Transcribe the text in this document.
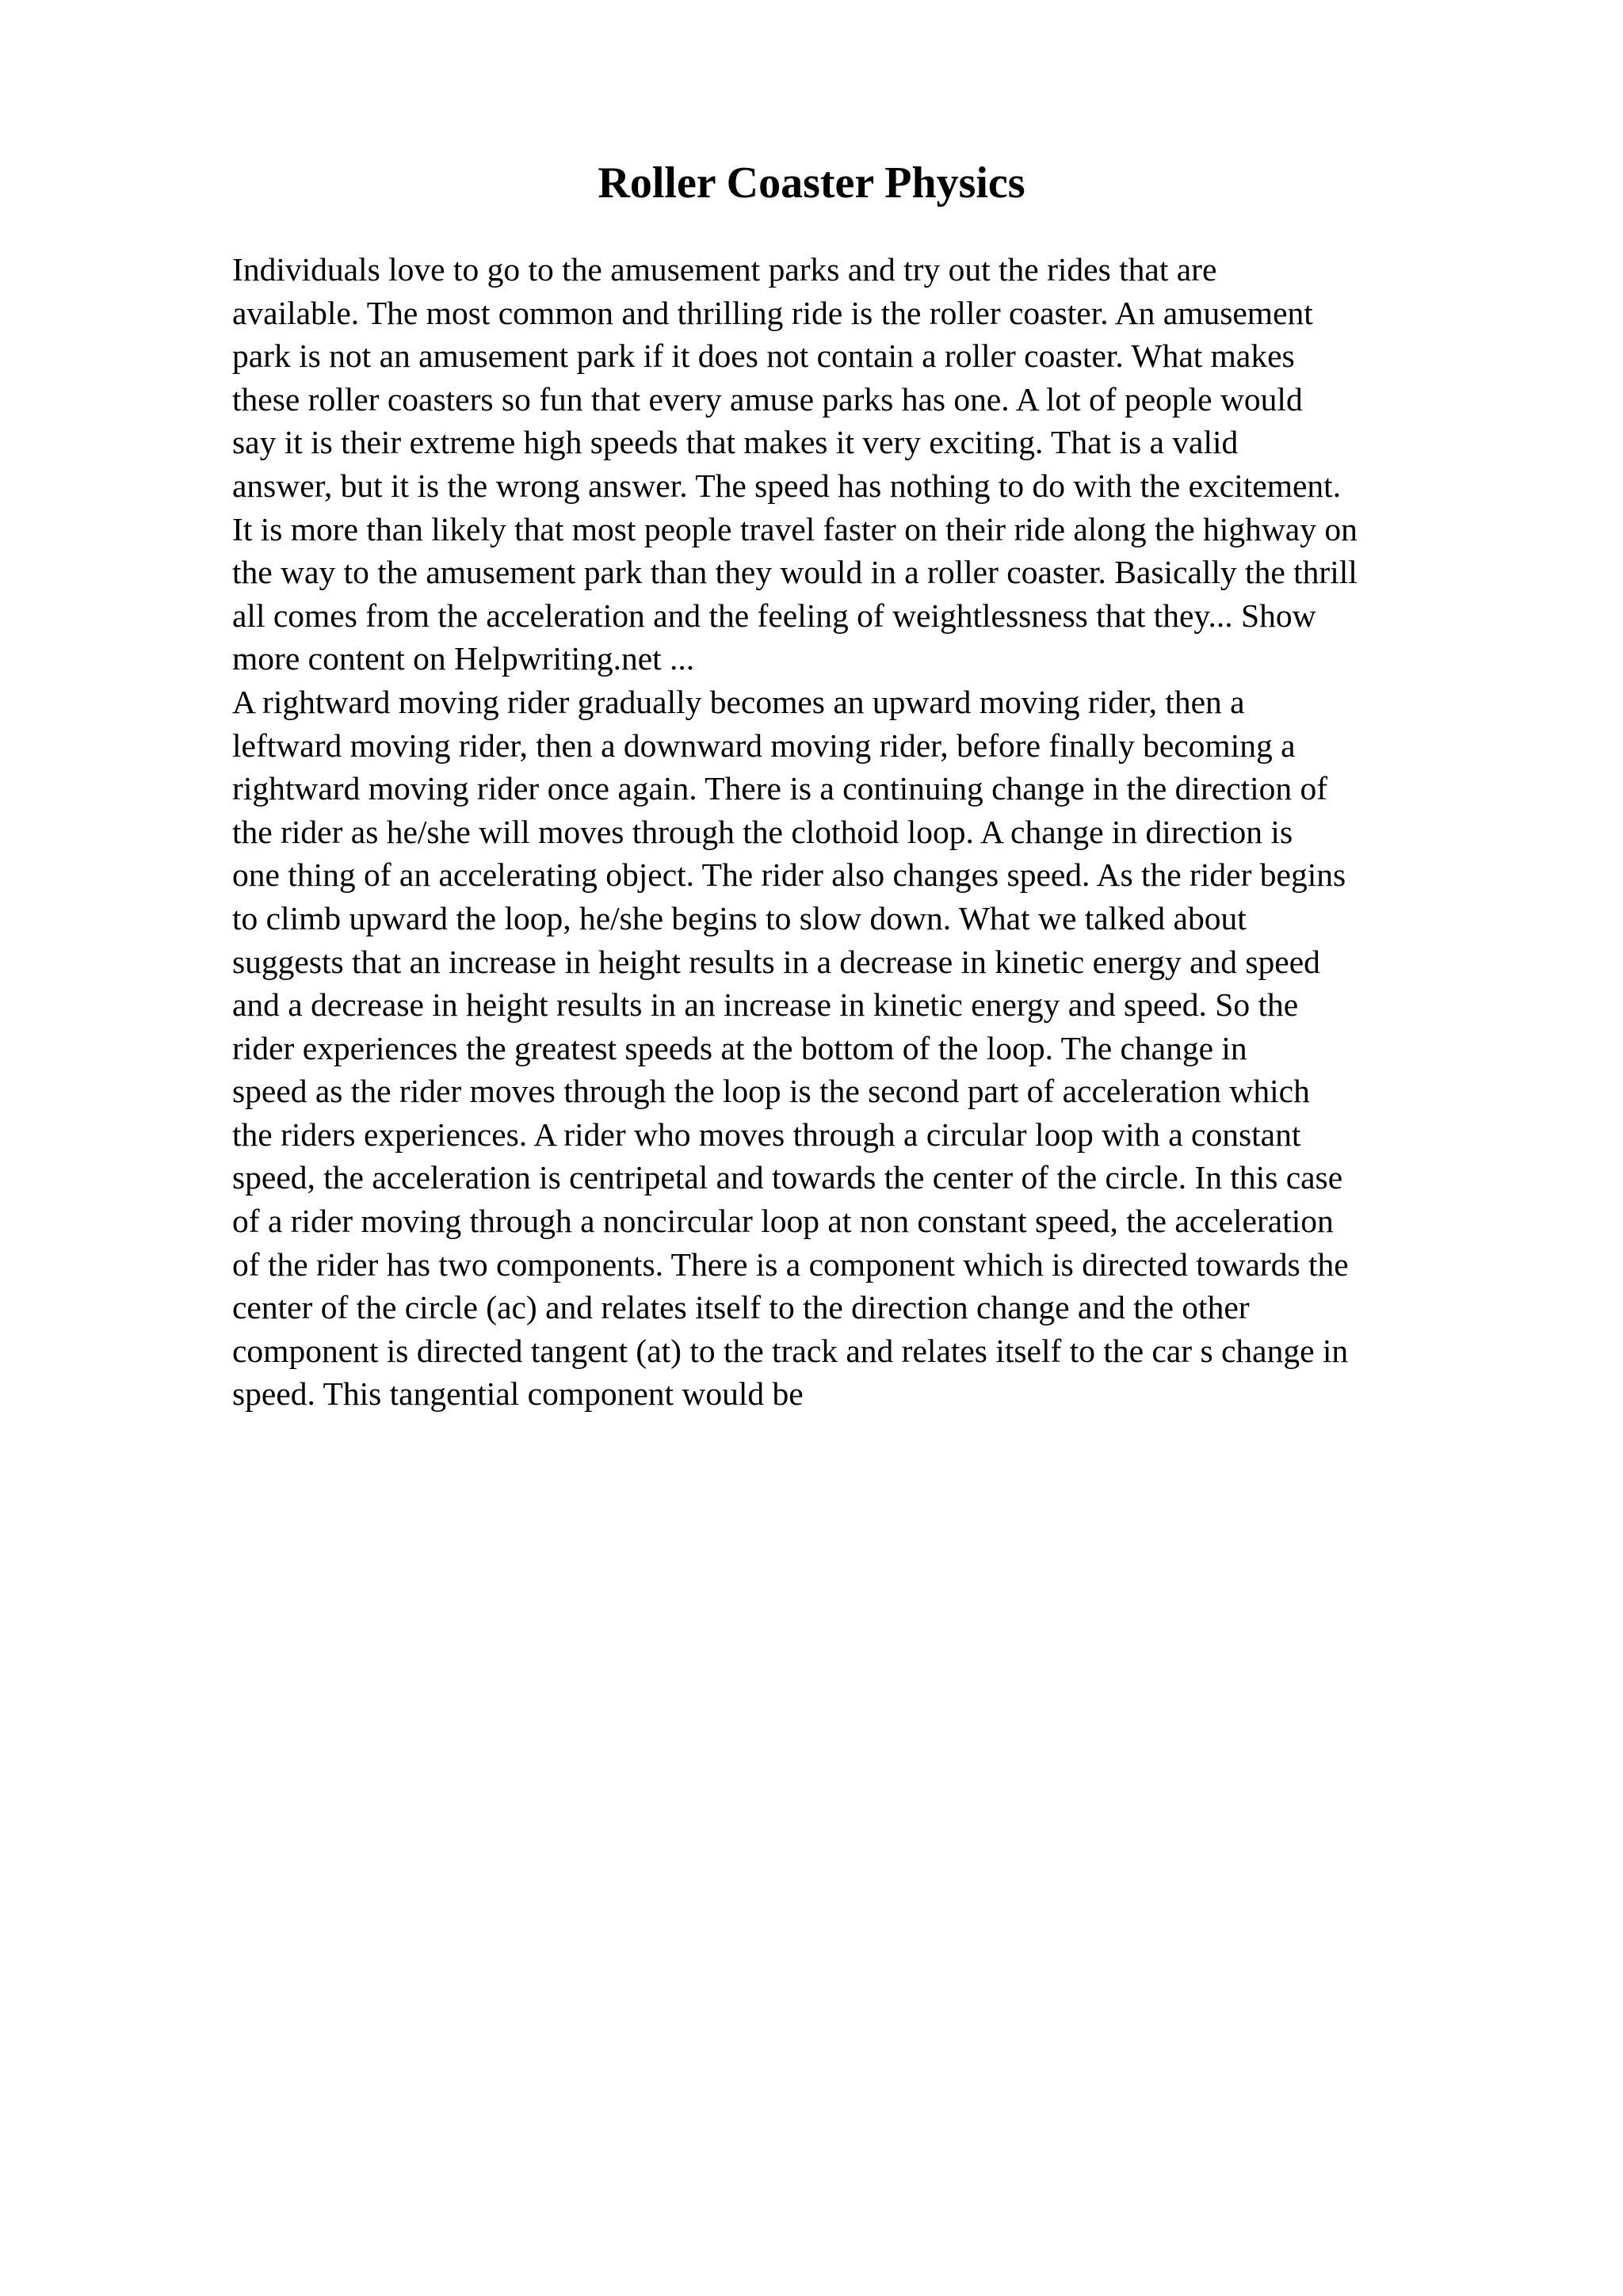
Roller Coaster Physics
Individuals love to go to the amusement parks and try out the rides that are
available. The most common and thrilling ride is the roller coaster. An amusement
park is not an amusement park if it does not contain a roller coaster. What makes
these roller coasters so fun that every amuse parks has one. A lot of people would
say it is their extreme high speeds that makes it very exciting. That is a valid
answer, but it is the wrong answer. The speed has nothing to do with the excitement.
It is more than likely that most people travel faster on their ride along the highway on
the way to the amusement park than they would in a roller coaster. Basically the thrill
all comes from the acceleration and the feeling of weightlessness that they... Show
more content on Helpwriting.net ...
A rightward moving rider gradually becomes an upward moving rider, then a
leftward moving rider, then a downward moving rider, before finally becoming a
rightward moving rider once again. There is a continuing change in the direction of
the rider as he/she will moves through the clothoid loop. A change in direction is
one thing of an accelerating object. The rider also changes speed. As the rider begins
to climb upward the loop, he/she begins to slow down. What we talked about
suggests that an increase in height results in a decrease in kinetic energy and speed
and a decrease in height results in an increase in kinetic energy and speed. So the
rider experiences the greatest speeds at the bottom of the loop. The change in
speed as the rider moves through the loop is the second part of acceleration which
the riders experiences. A rider who moves through a circular loop with a constant
speed, the acceleration is centripetal and towards the center of the circle. In this case
of a rider moving through a noncircular loop at non constant speed, the acceleration
of the rider has two components. There is a component which is directed towards the
center of the circle (ac) and relates itself to the direction change and the other
component is directed tangent (at) to the track and relates itself to the car s change in
speed. This tangential component would be
